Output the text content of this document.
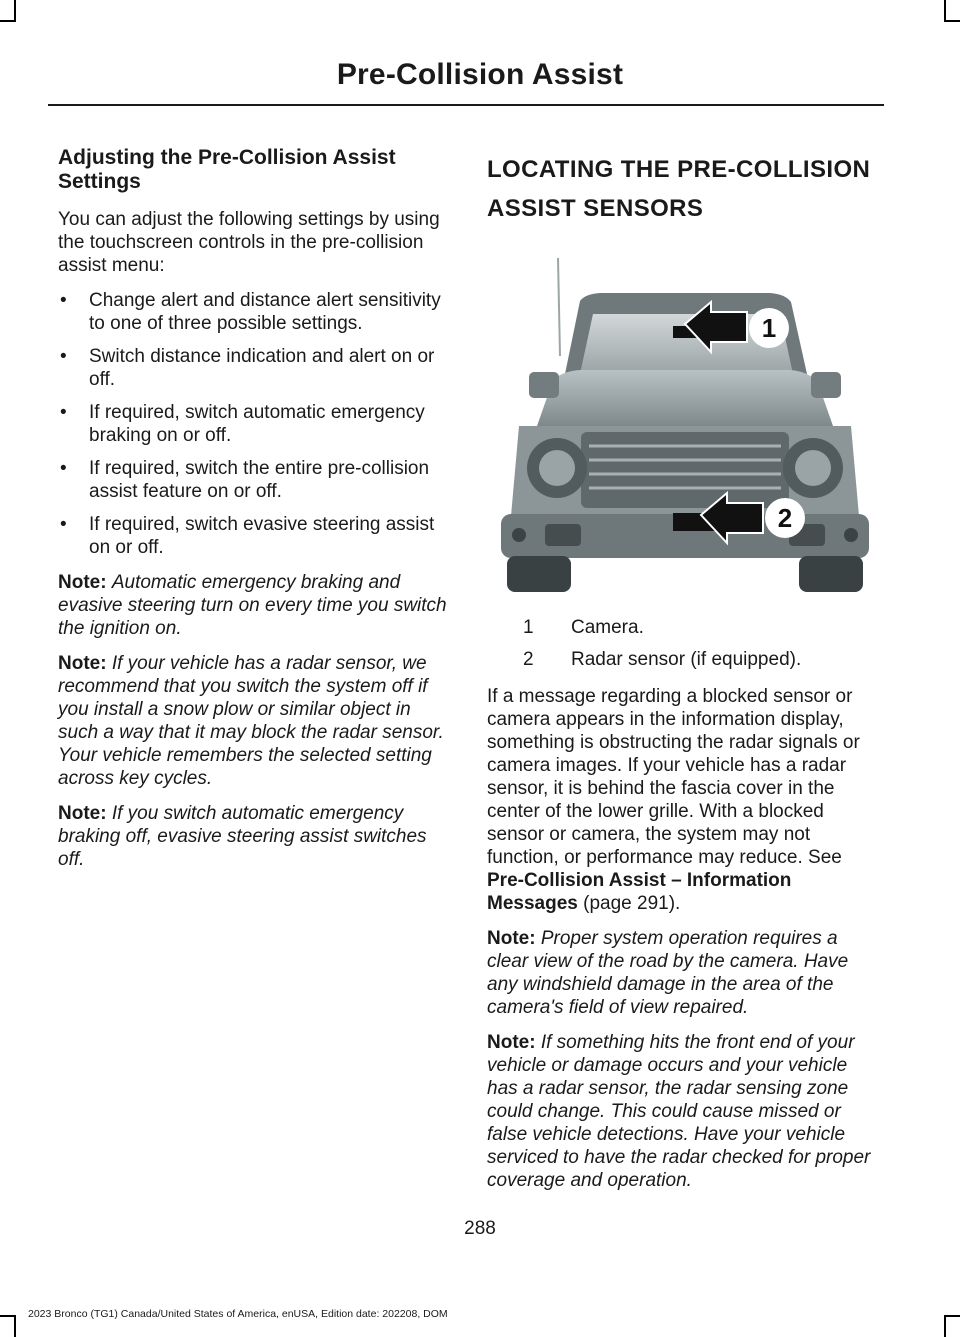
Pre-Collision Assist
Adjusting the Pre-Collision Assist Settings

You can adjust the following settings by using the touchscreen controls in the pre-collision assist menu:

• Change alert and distance alert sensitivity to one of three possible settings.
• Switch distance indication and alert on or off.
• If required, switch automatic emergency braking on or off.
• If required, switch the entire pre-collision assist feature on or off.
• If required, switch evasive steering assist on or off.

Note: Automatic emergency braking and evasive steering turn on every time you switch the ignition on.

Note: If your vehicle has a radar sensor, we recommend that you switch the system off if you install a snow plow or similar object in such a way that it may block the radar sensor. Your vehicle remembers the selected setting across key cycles.

Note: If you switch automatic emergency braking off, evasive steering assist switches off.

LOCATING THE PRE-COLLISION ASSIST SENSORS
1
2
1	Camera.
2	Radar sensor (if equipped).

If a message regarding a blocked sensor or camera appears in the information display, something is obstructing the radar signals or camera images. If your vehicle has a radar sensor, it is behind the fascia cover in the center of the lower grille. With a blocked sensor or camera, the system may not function, or performance may reduce. See Pre-Collision Assist – Information Messages (page 291).

Note: Proper system operation requires a clear view of the road by the camera. Have any windshield damage in the area of the camera's field of view repaired.

Note: If something hits the front end of your vehicle or damage occurs and your vehicle has a radar sensor, the radar sensing zone could change. This could cause missed or false vehicle detections. Have your vehicle serviced to have the radar checked for proper coverage and operation.

288
2023 Bronco (TG1) Canada/United States of America, enUSA, Edition date: 202208, DOM
